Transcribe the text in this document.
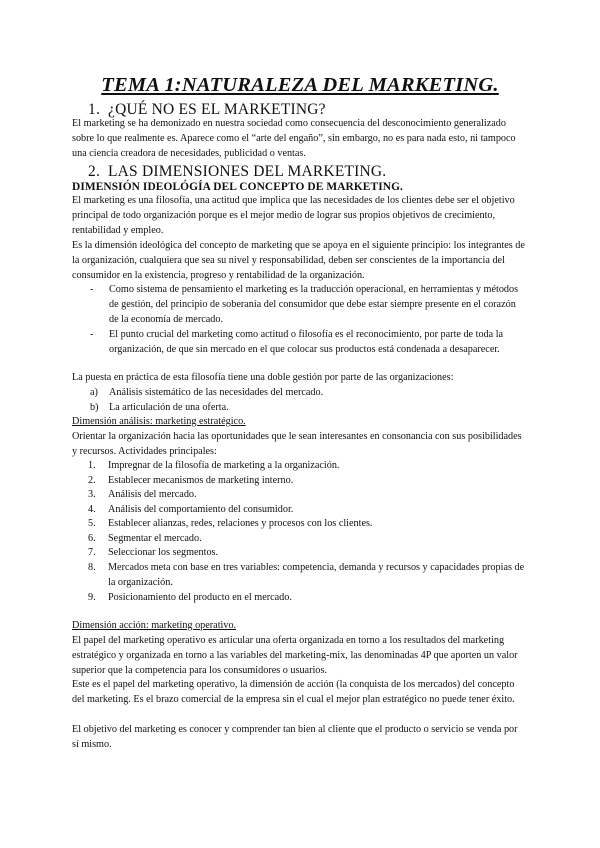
TEMA 1:NATURALEZA DEL MARKETING.
1. ¿QUÉ NO ES EL MARKETING?

El marketing se ha demonizado en nuestra sociedad como consecuencia del desconocimiento generalizado sobre lo que realmente es. Aparece como el “arte del engaño”, sin embargo, no es para nada esto, ni tampoco una ciencia creadora de necesidades, publicidad o ventas.

2. LAS DIMENSIONES DEL MARKETING.
DIMENSIÓN IDEOLÓGÍA DEL CONCEPTO DE MARKETING.

El marketing es una filosofía, una actitud que implica que las necesidades de los clientes debe ser el objetivo principal de todo organización porque es el mejor medio de lograr sus propios objetivos de crecimiento, rentabilidad y empleo.

Es la dimensión ideológica del concepto de marketing que se apoya en el siguiente principio: los integrantes de la organización, cualquiera que sea su nivel y responsabilidad, deben ser conscientes de la importancia del consumidor en la existencia, progreso y rentabilidad de la organización.

- Como sistema de pensamiento el marketing es la traducción operacional, en herramientas y métodos de gestión, del principio de soberanía del consumidor que debe estar siempre presente en el corazón de la economía de mercado.
- El punto crucial del marketing como actitud o filosofía es el reconocimiento, por parte de toda la organización, de que sin mercado en el que colocar sus productos está condenada a desaparecer.

La puesta en práctica de esta filosofía tiene una doble gestión por parte de las organizaciones:

a) Análisis sistemático de las necesidades del mercado.
b) La articulación de una oferta.
Dimensión análisis: marketing estratégico.

Orientar la organización hacia las oportunidades que le sean interesantes en consonancia con sus posibilidades y recursos. Actividades principales:

1. Impregnar de la filosofía de marketing a la organización.
2. Establecer mecanismos de marketing interno.
3. Análisis del mercado.
4. Análisis del comportamiento del consumidor.
5. Establecer alianzas, redes, relaciones y procesos con los clientes.
6. Segmentar el mercado.
7. Seleccionar los segmentos.
8. Mercados meta con base en tres variables: competencia, demanda y recursos y capacidades propias de la organización.
9. Posicionamiento del producto en el mercado.
Dimensión acción: marketing operativo.

El papel del marketing operativo es articular una oferta organizada en torno a los resultados del marketing estratégico y organizada en torno a las variables del marketing-mix, las denominadas 4P que aporten un valor superior que la competencia para los consumidores o usuarios.

Este es el papel del marketing operativo, la dimensión de acción (la conquista de los mercados) del concepto del marketing. Es el brazo comercial de la empresa sin el cual el mejor plan estratégico no puede tener éxito.

El objetivo del marketing es conocer y comprender tan bien al cliente que el producto o servicio se venda por sí mismo.
